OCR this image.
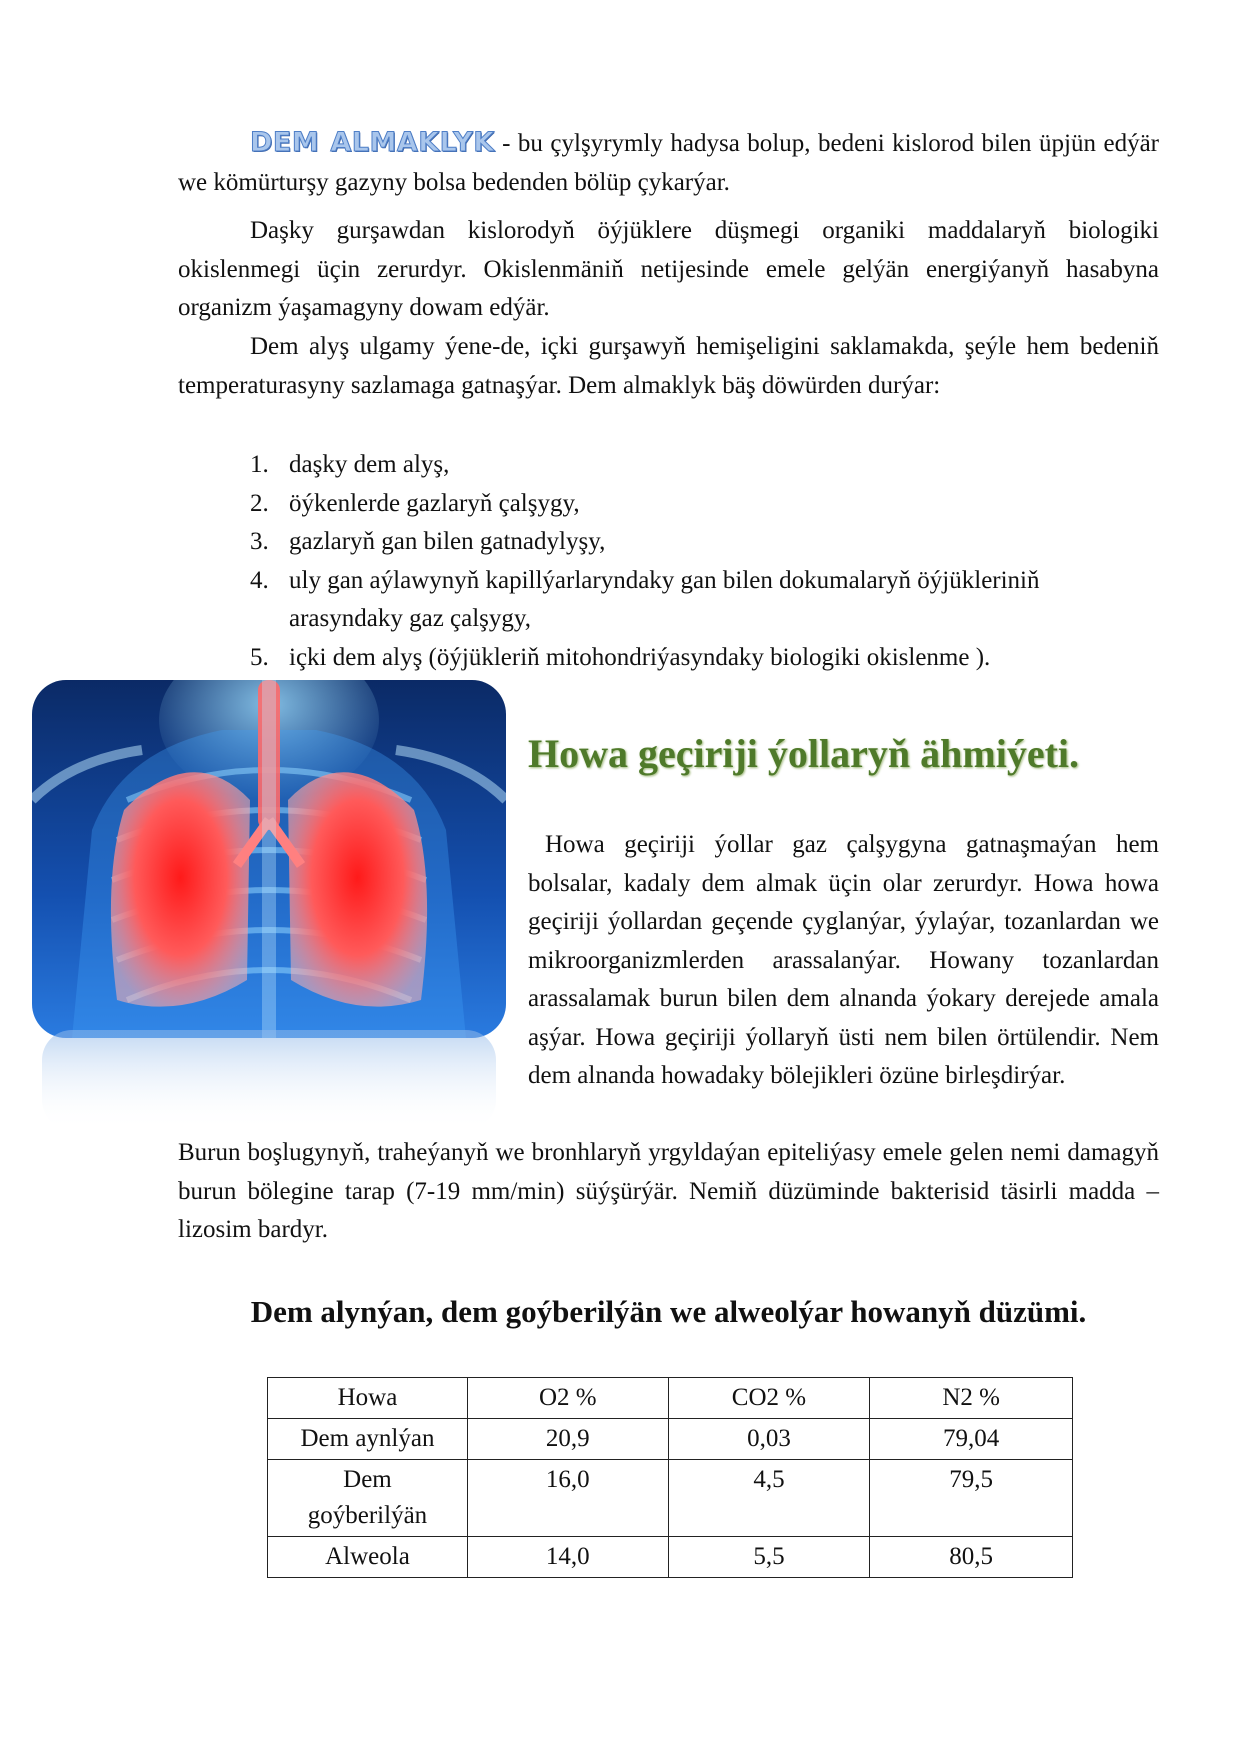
DEM ALMAKLYK - bu çylşyrymly hadysa bolup, bedeni kislorod bilen üpjün edýär we kömürturşy gazyny bolsa bedenden bölüp çykarýar.

Daşky gurşawdan kislorodyň öýjüklere düşmegi organiki maddalaryň biologiki okislenmegi üçin zerurdyr. Okislenmäniň netijesinde emele gelýän energiýanyň hasabyna organizm ýaşamagyny dowam edýär.

Dem alyş ulgamy ýene-de, içki gurşawyň hemişeligini saklamakda, şeýle hem bedeniň temperaturasyny sazlamaga gatnaşýar. Dem almaklyk bäş döwürden durýar:

1. daşky dem alyş,
2. öýkenlerde gazlaryň çalşygy,
3. gazlaryň gan bilen gatnadylyşy,
4. uly gan aýlawynyň kapillýarlaryndaky gan bilen dokumalaryň öýjükleriniň arasyndaky gaz çalşygy,
5. içki dem alyş (öýjükleriň mitohondriýasyndaky biologiki okislenme ).
Howa geçiriji ýollaryň ähmiýeti.

Howa geçiriji ýollar gaz çalşygyna gatnaşmaýan hem bolsalar, kadaly dem almak üçin olar zerurdyr. Howa howa geçiriji ýollardan geçende çyglanýar, ýylaýar, tozanlardan we mikroorganizmlerden arassalanýar. Howany tozanlardan arassalamak burun bilen dem alnanda ýokary derejede amala aşýar. Howa geçiriji ýollaryň üsti nem bilen örtülendir. Nem dem alnanda howadaky bölejikleri özüne birleşdirýar.

Burun boşlugynyň, traheýanyň we bronhlaryň yrgyldaýan epiteliýasy emele gelen nemi damagyň burun bölegine tarap (7-19 mm/min) süýşürýär. Nemiň düzüminde bakterisid täsirli madda – lizosim bardyr.

Dem alynýan, dem goýberilýän we alweolýar howanyň düzümi.
Howa	O2 %	CO2 %	N2 %
Dem aynlýan	20,9	0,03	79,04
Dem goýberilýän	16,0	4,5	79,5
Alweola	14,0	5,5	80,5
